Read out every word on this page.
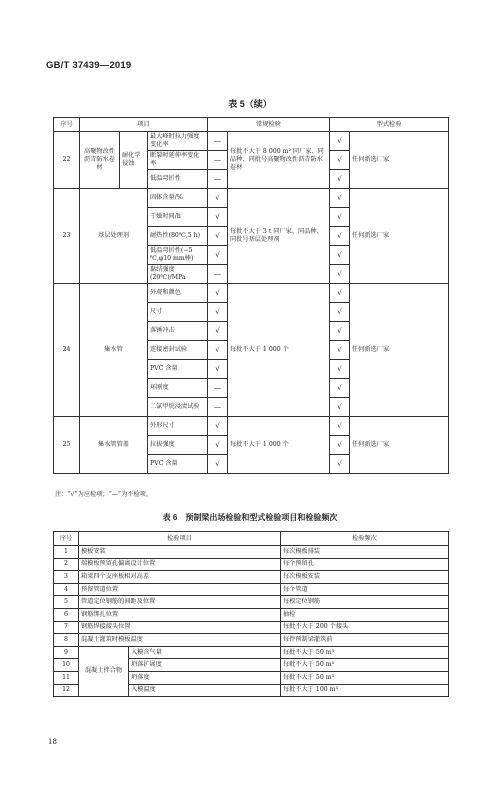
GB/T 37439—2019
表 5（续）
序号	项目			常规检验		型式检验	
22	高聚物改性沥青防水卷材	耐化学侵蚀	最大峰时拉力强度变化率	—	每批不大于 8 000 m² 同厂家、同品种、同批号高聚物改性沥青防水卷材	√	任何新选厂家
			断裂时延伸率变化率	—		√	
			低温弯折性	—		√	
23	基层处理剂		固体含量/%	√	每批不大于 3 t 同厂家、同品种、同批号基层处理剂	√	任何新选厂家
			干燥时间/h	√		√	
			耐热性(80℃,5 h)	√		√	
			低温弯折性(−5 ℃,φ10 mm棒)	√		√	
			黏结强度(20℃)/MPa	—		√	
24	集水管		外观和颜色	√	每批不大于 1 000 个	√	任何新选厂家
			尺寸	√		√	
			落锤冲击	√		√	
			连接密封试验	√		√	
			PVC 含量	√		√	
			环刚度	—		√	
			二氯甲烷浸渍试验	—		√	
25	集水管管盖		外形尺寸	√	每批不大于 1 000 个	√	任何新选厂家
			拉拔强度	√		√	
			PVC 含量	√		√	
注：“√”为应检项；“—”为不检项。
表 6　预制梁出场检验和型式检验项目和检验频次
序号	检验项目		检验频次
1	模板安装		每次模板排装
2	端模板预留孔偏离设计位置		每个预留孔
3	箱梁四个支座板相对高差		每次模板安装
4	预留管道位置		每个管道
5	管道定位钢筋的间距及位置		每根定位钢筋
6	钢筋绑扎位置		抽检
7	钢筋焊接接头位置		每批不大于 200 个接头
8	混凝土灌筑时模板温度		每件预制梁灌筑前
9	混凝土拌合物	入模含气量	每批不大于 50 m³
10		坍落扩展度	每批不大于 50 m³
11		坍落度	每批不大于 50 m³
12		入模温度	每批不大于 100 m³
18
